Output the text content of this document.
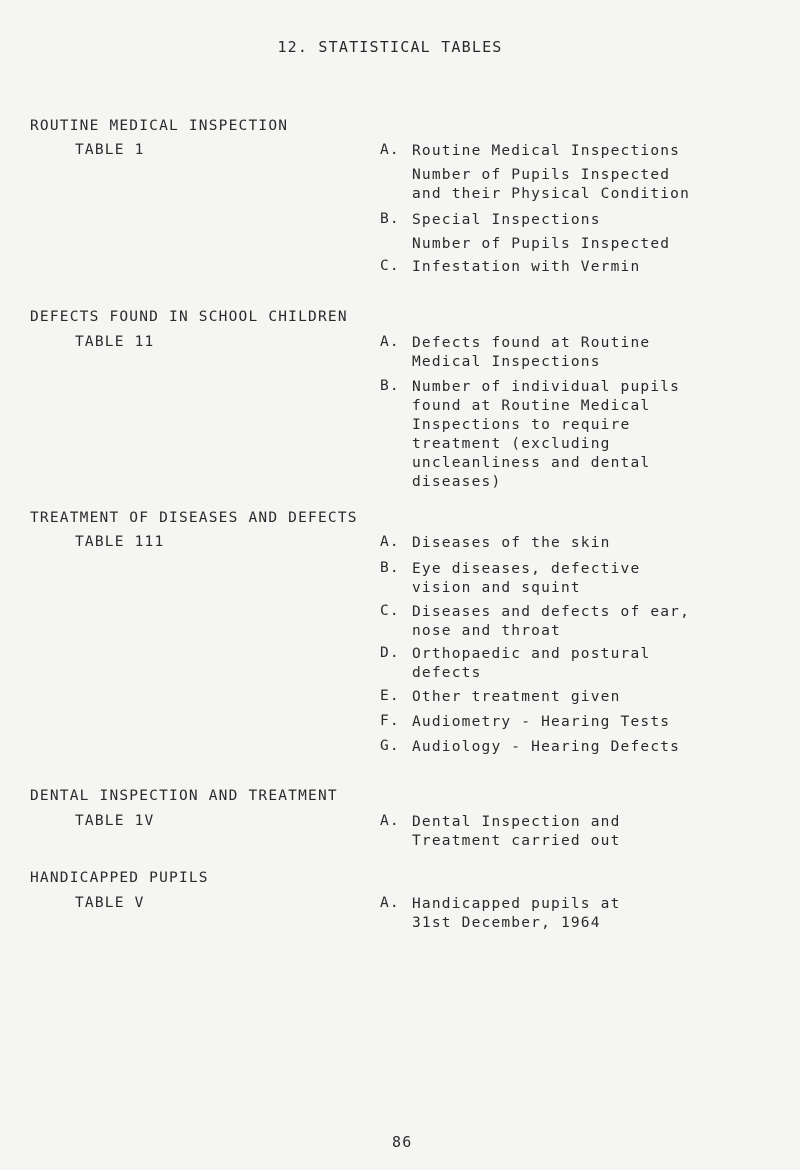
12. STATISTICAL TABLES
ROUTINE MEDICAL INSPECTION
TABLE 1	A. Routine Medical Inspections
Number of Pupils Inspected
and their Physical Condition
B. Special Inspections
Number of Pupils Inspected
C. Infestation with Vermin
DEFECTS FOUND IN SCHOOL CHILDREN
TABLE 11	A. Defects found at Routine
Medical Inspections
B. Number of individual pupils
found at Routine Medical
Inspections to require
treatment (excluding
uncleanliness and dental
diseases)
TREATMENT OF DISEASES AND DEFECTS
TABLE 111	A. Diseases of the skin
B. Eye diseases, defective
vision and squint
C. Diseases and defects of ear,
nose and throat
D. Orthopaedic and postural
defects
E. Other treatment given
F. Audiometry - Hearing Tests
G. Audiology - Hearing Defects
DENTAL INSPECTION AND TREATMENT
TABLE 1V	A. Dental Inspection and
Treatment carried out
HANDICAPPED PUPILS
TABLE V	A. Handicapped pupils at
31st December, 1964
86
